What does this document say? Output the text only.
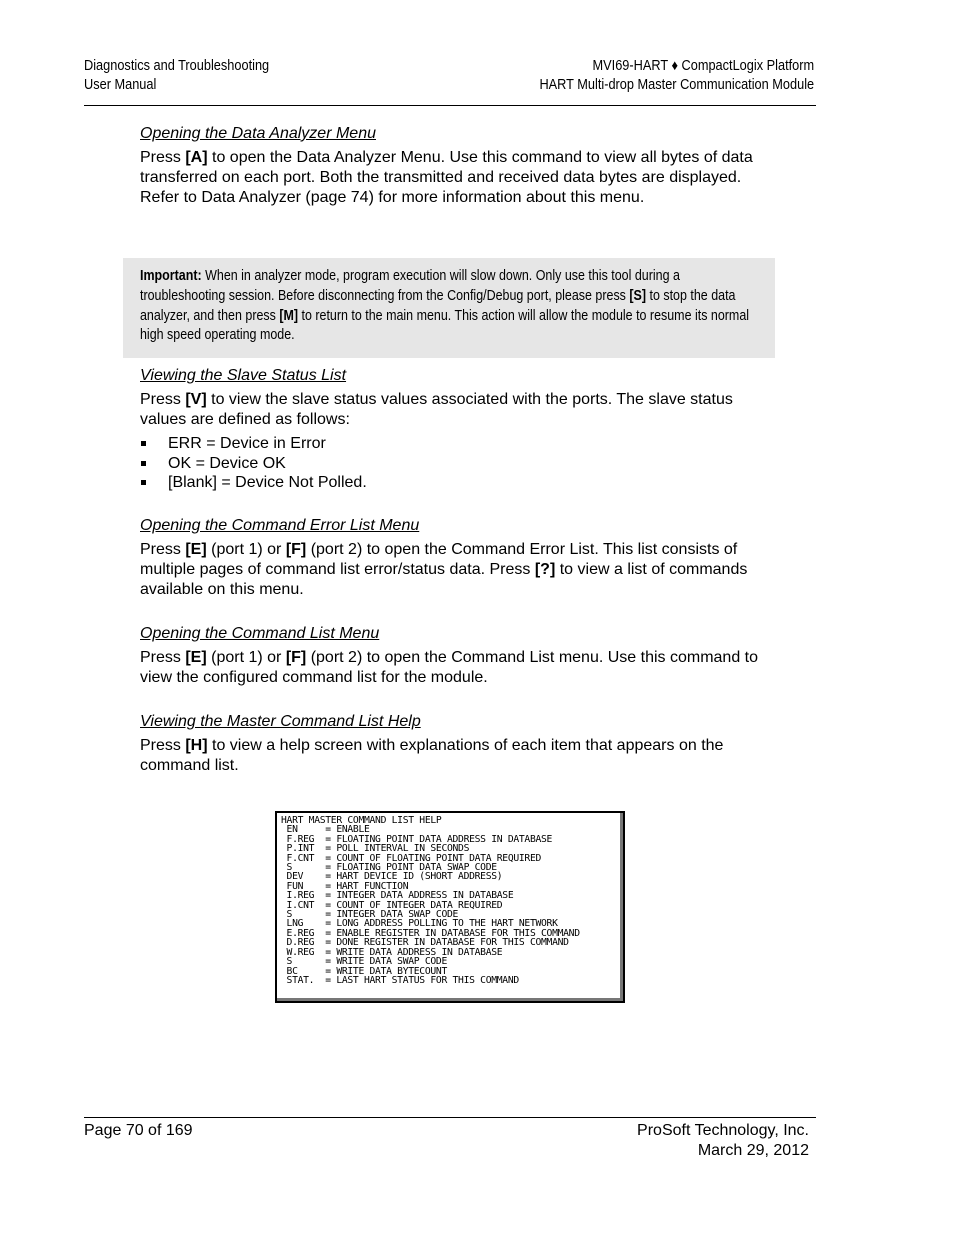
Diagnostics and Troubleshooting
User Manual
MVI69-HART ♦ CompactLogix Platform
HART Multi-drop Master Communication Module
Opening the Data Analyzer Menu
Press [A] to open the Data Analyzer Menu. Use this command to view all bytes of data transferred on each port. Both the transmitted and received data bytes are displayed. Refer to Data Analyzer (page 74) for more information about this menu.
Viewing the Slave Status List
Press [V] to view the slave status values associated with the ports. The slave status values are defined as follows:
ERR = Device in Error
OK = Device OK
[Blank] = Device Not Polled.
Opening the Command Error List Menu
Press [E] (port 1) or [F] (port 2) to open the Command Error List. This list consists of multiple pages of command list error/status data. Press [?] to view a list of commands available on this menu.
Opening the Command List Menu
Press [E] (port 1) or [F] (port 2) to open the Command List menu. Use this command to view the configured command list for the module.
Viewing the Master Command List Help
Press [H] to view a help screen with explanations of each item that appears on the command list.
Important: When in analyzer mode, program execution will slow down. Only use this tool during a troubleshooting session. Before disconnecting from the Config/Debug port, please press [S] to stop the data analyzer, and then press [M] to return to the main menu. This action will allow the module to resume its normal high speed operating mode.
HART MASTER COMMAND LIST HELP
EN     = ENABLE
F.REG  = FLOATING POINT DATA ADDRESS IN DATABASE
P.INT  = POLL INTERVAL IN SECONDS
F.CNT  = COUNT OF FLOATING POINT DATA REQUIRED
S      = FLOATING POINT DATA SWAP CODE
DEV    = HART DEVICE ID (SHORT ADDRESS)
FUN    = HART FUNCTION
I.REG  = INTEGER DATA ADDRESS IN DATABASE
I.CNT  = COUNT OF INTEGER DATA REQUIRED
S      = INTEGER DATA SWAP CODE
LNG    = LONG ADDRESS POLLING TO THE HART NETWORK
E.REG  = ENABLE REGISTER IN DATABASE FOR THIS COMMAND
D.REG  = DONE REGISTER IN DATABASE FOR THIS COMMAND
W.REG  = WRITE DATA ADDRESS IN DATABASE
S      = WRITE DATA SWAP CODE
BC     = WRITE DATA BYTECOUNT
STAT.  = LAST HART STATUS FOR THIS COMMAND
Page 70 of 169	ProSoft Technology, Inc.
March 29, 2012
